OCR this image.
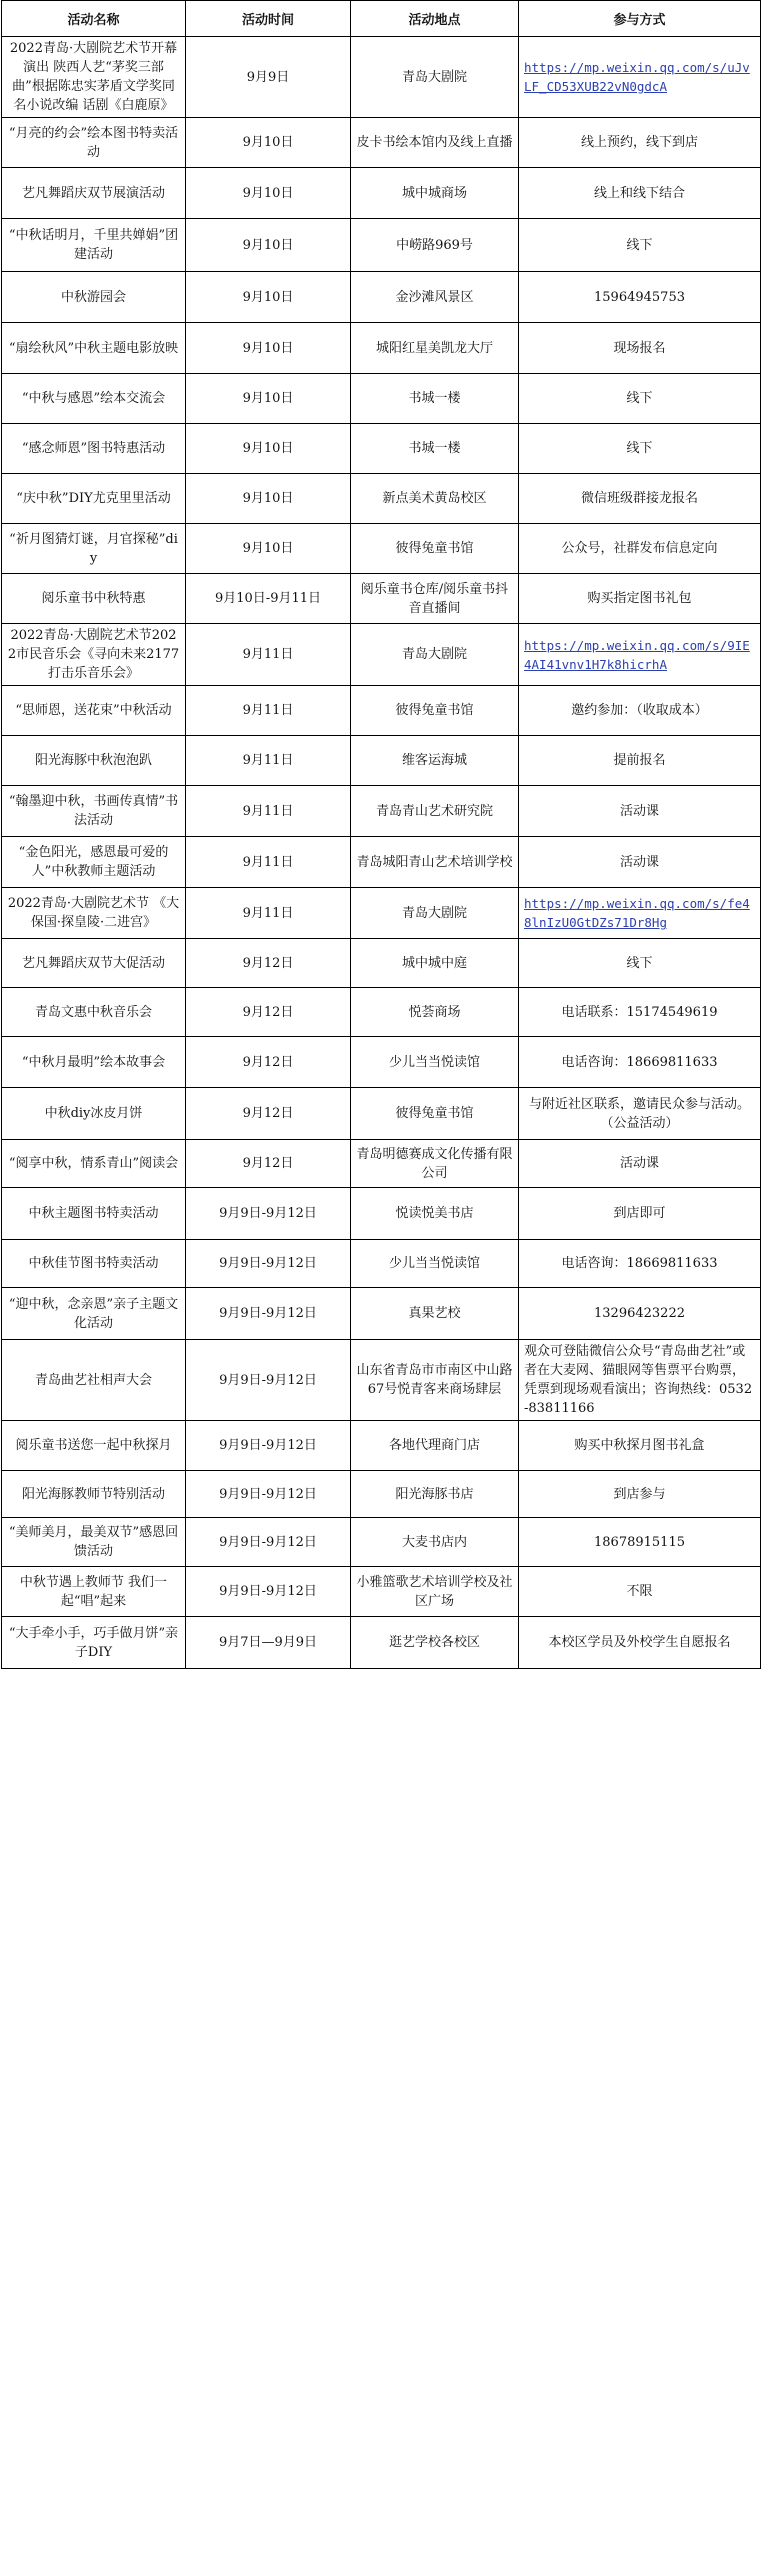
活动名称	活动时间	活动地点	参与方式
2022青岛·大剧院艺术节开幕演出 陕西人艺“茅奖三部曲”根据陈忠实茅盾文学奖同名小说改编 话剧《白鹿原》	9月9日	青岛大剧院	https://mp.weixin.qq.com/s/uJvLF_CD53XUB22vN0gdcA
“月亮的约会”绘本图书特卖活动	9月10日	皮卡书绘本馆内及线上直播	线上预约，线下到店
艺凡舞蹈庆双节展演活动	9月10日	城中城商场	线上和线下结合
“中秋话明月，千里共婵娟”团建活动	9月10日	中崂路969号	线下
中秋游园会	9月10日	金沙滩风景区	15964945753
“扇绘秋风”中秋主题电影放映	9月10日	城阳红星美凯龙大厅	现场报名
“中秋与感恩”绘本交流会	9月10日	书城一楼	线下
“感念师恩”图书特惠活动	9月10日	书城一楼	线下
“庆中秋”DIY尤克里里活动	9月10日	新点美术黄岛校区	微信班级群接龙报名
“祈月图猜灯谜，月官探秘”diy	9月10日	彼得兔童书馆	公众号，社群发布信息定向
阅乐童书中秋特惠	9月10日-9月11日	阅乐童书仓库/阅乐童书抖音直播间	购买指定图书礼包
2022青岛·大剧院艺术节2022市民音乐会《寻向未来2177打击乐音乐会》	9月11日	青岛大剧院	https://mp.weixin.qq.com/s/9IE4AI41vnv1H7k8hicrhA
“思师恩，送花束”中秋活动	9月11日	彼得兔童书馆	邀约参加：（收取成本）
阳光海豚中秋泡泡趴	9月11日	维客运海城	提前报名
“翰墨迎中秋，书画传真情”书法活动	9月11日	青岛青山艺术研究院	活动课
“金色阳光，感恩最可爱的人”中秋教师主题活动	9月11日	青岛城阳青山艺术培训学校	活动课
2022青岛·大剧院艺术节 《大保国·探皇陵·二进宫》	9月11日	青岛大剧院	https://mp.weixin.qq.com/s/fe48lnIzU0GtDZs71Dr8Hg
艺凡舞蹈庆双节大促活动	9月12日	城中城中庭	线下
青岛文惠中秋音乐会	9月12日	悦荟商场	电话联系：15174549619
“中秋月最明”绘本故事会	9月12日	少儿当当悦读馆	电话咨询：18669811633
中秋diy冰皮月饼	9月12日	彼得兔童书馆	与附近社区联系，邀请民众参与活动。（公益活动）
“阅享中秋，情系青山”阅读会	9月12日	青岛明德赛成文化传播有限公司	活动课
中秋主题图书特卖活动	9月9日-9月12日	悦读悦美书店	到店即可
中秋佳节图书特卖活动	9月9日-9月12日	少儿当当悦读馆	电话咨询：18669811633
“迎中秋，念亲恩”亲子主题文化活动	9月9日-9月12日	真果艺校	13296423222
青岛曲艺社相声大会	9月9日-9月12日	山东省青岛市市南区中山路67号悦青客来商场肆层	观众可登陆微信公众号“青岛曲艺社”或者在大麦网、猫眼网等售票平台购票，凭票到现场观看演出；咨询热线：0532-83811166
阅乐童书送您一起中秋探月	9月9日-9月12日	各地代理商门店	购买中秋探月图书礼盒
阳光海豚教师节特别活动	9月9日-9月12日	阳光海豚书店	到店参与
“美师美月，最美双节”感恩回馈活动	9月9日-9月12日	大麦书店内	18678915115
中秋节遇上教师节 我们一起“唱”起来	9月9日-9月12日	小雅篮歌艺术培训学校及社区广场	不限
“大手牵小手，巧手做月饼”亲子DIY	9月7日—9月9日	逛艺学校各校区	本校区学员及外校学生自愿报名
